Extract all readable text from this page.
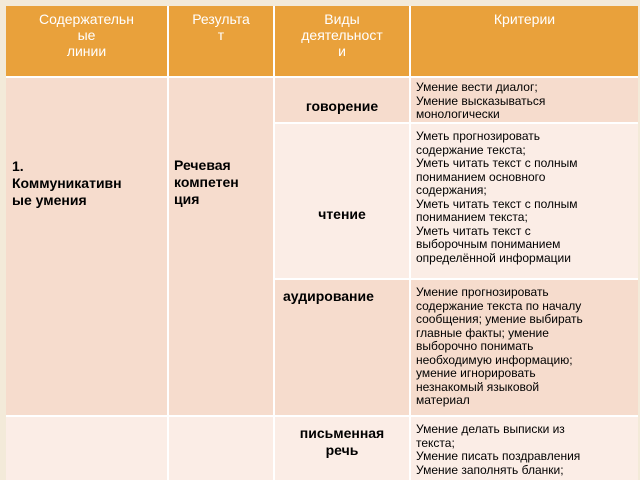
Содержательн
ые
линии
Результа
т
Виды
деятельност
и
Критерии
1.
Коммуникативн
ые умения
Речевая
компетен
ция
говорение
чтение
аудирование
письменная
речь
Умение вести диалог;
Умение высказываться
монологически
Уметь прогнозировать
содержание текста;
Уметь читать текст с полным
пониманием основного
содержания;
Уметь читать текст с полным
пониманием текста;
Уметь читать текст с
выборочным пониманием
определённой информации
Умение прогнозировать
содержание текста по началу
сообщения; умение выбирать
главные факты; умение
выборочно понимать
необходимую информацию;
умение игнорировать
незнакомый языковой
материал
Умение делать выписки из
текста;
Умение писать поздравления
Умение заполнять бланки;
